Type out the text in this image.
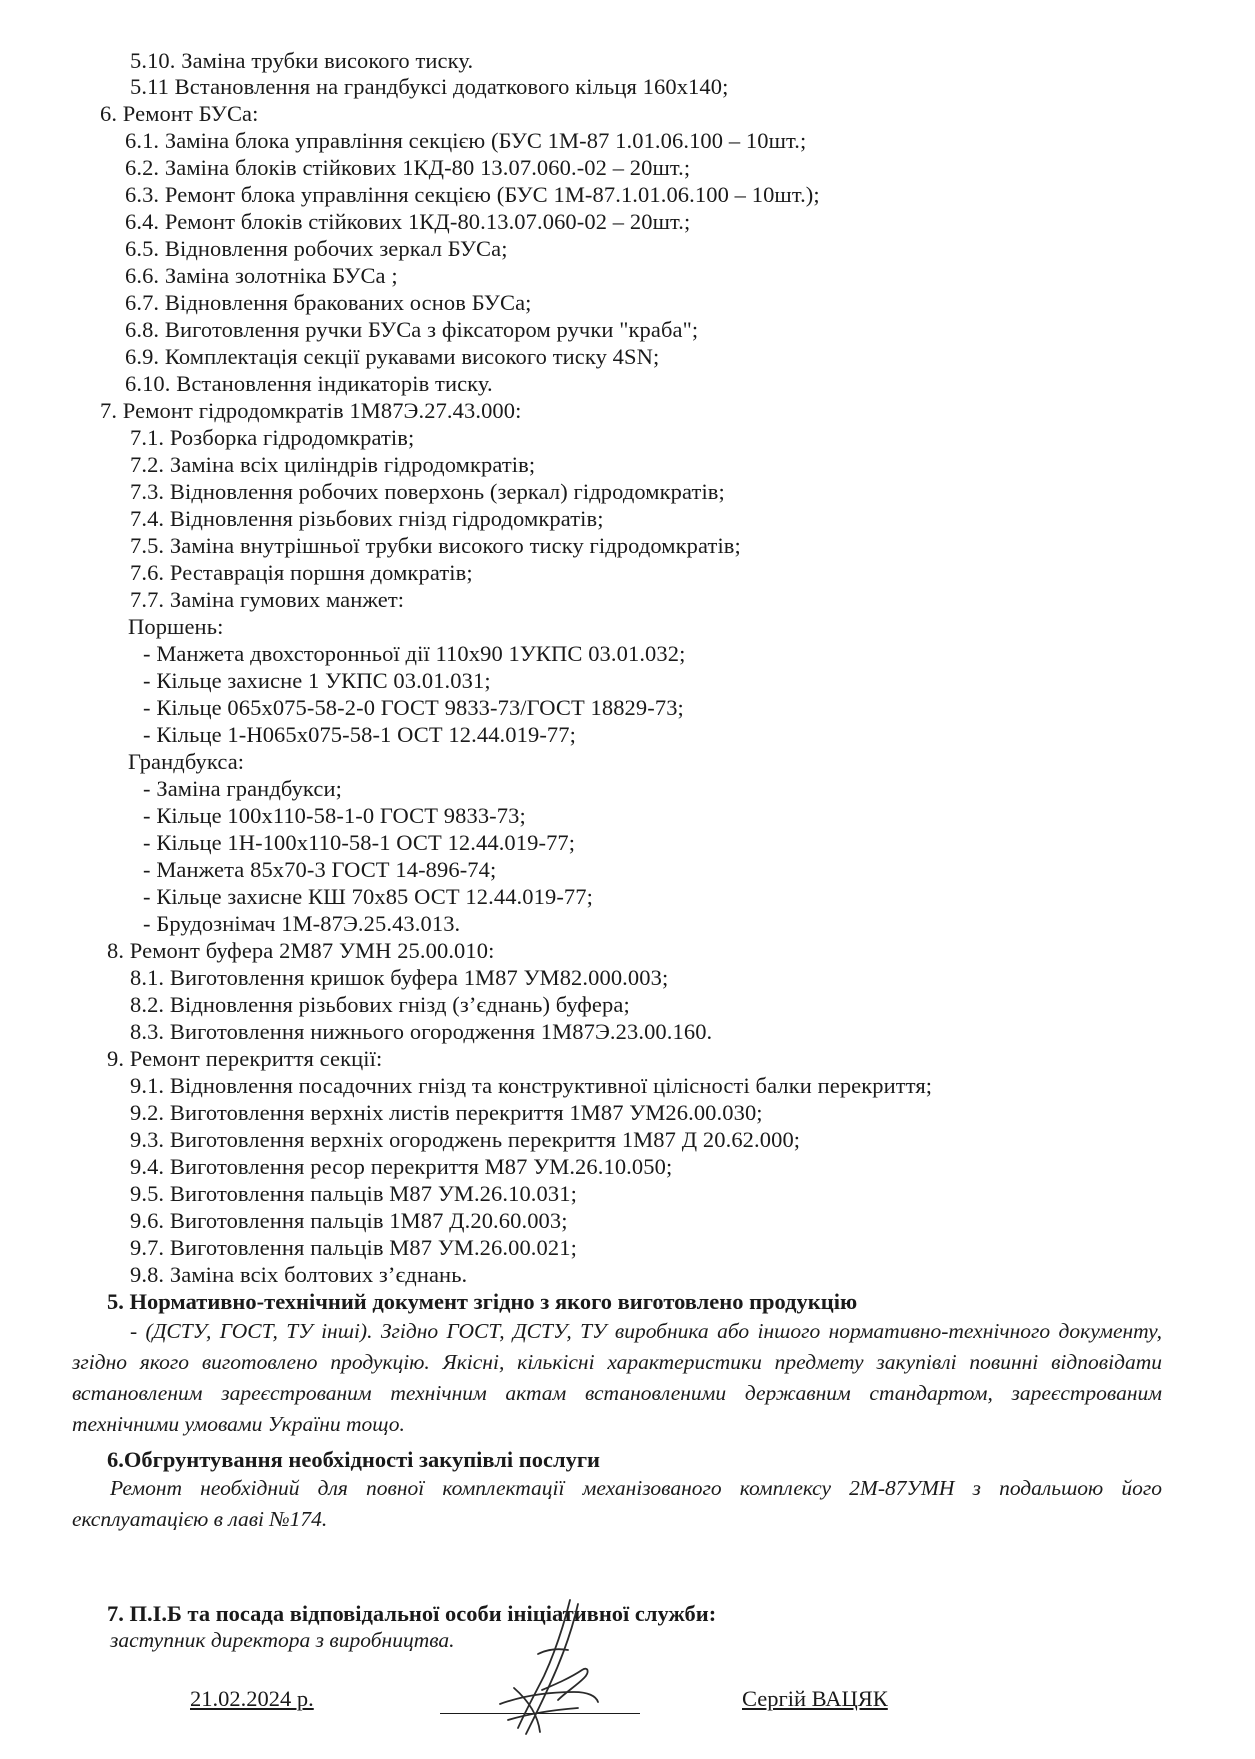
5.10. Заміна трубки високого тиску.
5.11 Встановлення на грандбуксі додаткового кільця 160х140;
6. Ремонт БУСа:
6.1. Заміна блока управління секцією (БУС 1М-87 1.01.06.100 – 10шт.;
6.2. Заміна блоків стійкових 1КД-80 13.07.060.-02 – 20шт.;
6.3. Ремонт блока управління секцією (БУС 1М-87.1.01.06.100 – 10шт.);
6.4. Ремонт блоків стійкових 1КД-80.13.07.060-02 – 20шт.;
6.5. Відновлення робочих зеркал БУСа;
6.6. Заміна золотніка БУСа ;
6.7. Відновлення бракованих основ БУСа;
6.8. Виготовлення ручки БУСа з фіксатором ручки "краба";
6.9. Комплектація секції рукавами високого тиску 4SN;
6.10. Встановлення індикаторів тиску.
7. Ремонт гідродомкратів 1М87Э.27.43.000:
7.1. Розборка гідродомкратів;
7.2. Заміна всіх циліндрів гідродомкратів;
7.3. Відновлення робочих поверхонь (зеркал) гідродомкратів;
7.4. Відновлення різьбових гнізд гідродомкратів;
7.5. Заміна внутрішньої трубки високого тиску гідродомкратів;
7.6. Реставрація поршня домкратів;
7.7. Заміна гумових манжет:
Поршень:
- Манжета двохсторонньої дії 110х90 1УКПС 03.01.032;
- Кільце захисне 1 УКПС 03.01.031;
- Кільце 065х075-58-2-0 ГОСТ 9833-73/ГОСТ 18829-73;
- Кільце 1-Н065х075-58-1 ОСТ 12.44.019-77;
Грандбукса:
- Заміна грандбукси;
- Кільце 100х110-58-1-0 ГОСТ 9833-73;
- Кільце 1Н-100х110-58-1 ОСТ 12.44.019-77;
- Манжета 85х70-3 ГОСТ 14-896-74;
- Кільце захисне КШ 70х85 ОСТ 12.44.019-77;
- Брудознімач 1М-87Э.25.43.013.
8. Ремонт буфера 2М87 УМН 25.00.010:
8.1. Виготовлення кришок буфера 1М87 УМ82.000.003;
8.2. Відновлення різьбових гнізд (з’єднань) буфера;
8.3. Виготовлення нижнього огородження 1М87Э.23.00.160.
9. Ремонт перекриття секції:
9.1. Відновлення посадочних гнізд та конструктивної цілісності балки перекриття;
9.2. Виготовлення верхніх листів перекриття 1М87 УМ26.00.030;
9.3. Виготовлення верхніх огороджень перекриття 1М87 Д 20.62.000;
9.4. Виготовлення ресор перекриття М87 УМ.26.10.050;
9.5. Виготовлення пальців М87 УМ.26.10.031;
9.6. Виготовлення пальців 1М87 Д.20.60.003;
9.7. Виготовлення пальців М87 УМ.26.00.021;
9.8. Заміна всіх болтових з’єднань.
5. Нормативно-технічний документ згідно з якого виготовлено продукцію
- (ДСТУ, ГОСТ, ТУ інші). Згідно ГОСТ, ДСТУ, ТУ виробника або іншого нормативно-технічного документу, згідно якого виготовлено продукцію. Якісні, кількісні характеристики предмету закупівлі повинні відповідати встановленим зареєстрованим технічним актам встановленими державним стандартом, зареєстрованим технічними умовами України тощо.
6.Обгрунтування необхідності закупівлі послуги
Ремонт необхідний для повної комплектації механізованого комплексу 2М-87УМН з подальшою його експлуатацією в лаві №174.
7. П.І.Б та посада відповідальної особи ініціативної служби:
заступник директора з виробництва.
21.02.2024 р.	Сергій ВАЦЯК
